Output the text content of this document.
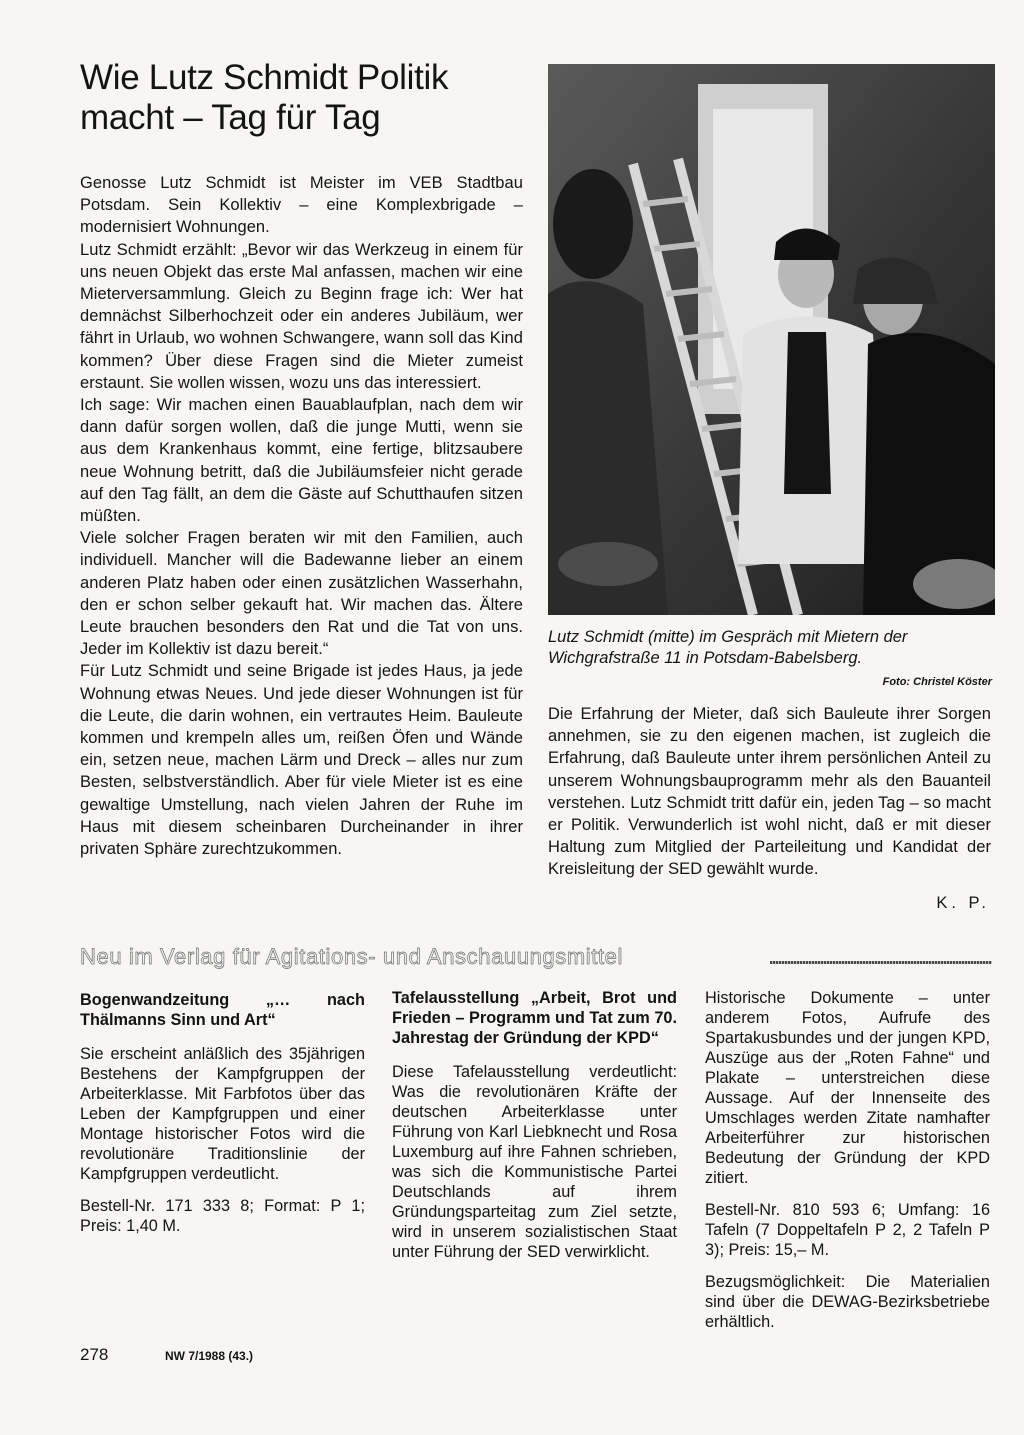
Wie Lutz Schmidt Politik macht – Tag für Tag

Genosse Lutz Schmidt ist Meister im VEB Stadtbau Potsdam. Sein Kollektiv – eine Komplexbrigade – modernisiert Wohnungen.

Lutz Schmidt erzählt: „Bevor wir das Werkzeug in einem für uns neuen Objekt das erste Mal anfassen, machen wir eine Mieterversammlung. Gleich zu Beginn frage ich: Wer hat demnächst Silberhochzeit oder ein anderes Jubiläum, wer fährt in Urlaub, wo wohnen Schwangere, wann soll das Kind kommen? Über diese Fragen sind die Mieter zumeist erstaunt. Sie wollen wissen, wozu uns das interessiert.

Ich sage: Wir machen einen Bauablaufplan, nach dem wir dann dafür sorgen wollen, daß die junge Mutti, wenn sie aus dem Krankenhaus kommt, eine fertige, blitzsaubere neue Wohnung betritt, daß die Jubiläumsfeier nicht gerade auf den Tag fällt, an dem die Gäste auf Schutthaufen sitzen müßten.

Viele solcher Fragen beraten wir mit den Familien, auch individuell. Mancher will die Badewanne lieber an einem anderen Platz haben oder einen zusätzlichen Wasserhahn, den er schon selber gekauft hat. Wir machen das. Ältere Leute brauchen besonders den Rat und die Tat von uns. Jeder im Kollektiv ist dazu bereit.“

Für Lutz Schmidt und seine Brigade ist jedes Haus, ja jede Wohnung etwas Neues. Und jede dieser Wohnungen ist für die Leute, die darin wohnen, ein vertrautes Heim. Bauleute kommen und krempeln alles um, reißen Öfen und Wände ein, setzen neue, machen Lärm und Dreck – alles nur zum Besten, selbstverständlich. Aber für viele Mieter ist es eine gewaltige Umstellung, nach vielen Jahren der Ruhe im Haus mit diesem scheinbaren Durcheinander in ihrer privaten Sphäre zurechtzukommen.

Lutz Schmidt (mitte) im Gespräch mit Mietern der Wichgrafstraße 11 in Potsdam-Babelsberg.
Foto: Christel Köster

Die Erfahrung der Mieter, daß sich Bauleute ihrer Sorgen annehmen, sie zu den eigenen machen, ist zugleich die Erfahrung, daß Bauleute unter ihrem persönlichen Anteil zu unserem Wohnungsbauprogramm mehr als den Bauanteil verstehen. Lutz Schmidt tritt dafür ein, jeden Tag – so macht er Politik. Verwunderlich ist wohl nicht, daß er mit dieser Haltung zum Mitglied der Parteileitung und Kandidat der Kreisleitung der SED gewählt wurde.

K. P.
Neu im Verlag für Agitations- und Anschauungsmittel

Bogenwandzeitung „… nach Thälmanns Sinn und Art“

Sie erscheint anläßlich des 35jährigen Bestehens der Kampfgruppen der Arbeiterklasse. Mit Farbfotos über das Leben der Kampfgruppen und einer Montage historischer Fotos wird die revolutionäre Traditionslinie der Kampfgruppen verdeutlicht.

Bestell-Nr. 171 333 8; Format: P 1; Preis: 1,40 M.

Tafelausstellung „Arbeit, Brot und Frieden – Programm und Tat zum 70. Jahrestag der Gründung der KPD“

Diese Tafelausstellung verdeutlicht: Was die revolutionären Kräfte der deutschen Arbeiterklasse unter Führung von Karl Liebknecht und Rosa Luxemburg auf ihre Fahnen schrieben, was sich die Kommunistische Partei Deutschlands auf ihrem Gründungsparteitag zum Ziel setzte, wird in unserem sozialistischen Staat unter Führung der SED verwirklicht.

Historische Dokumente – unter anderem Fotos, Aufrufe des Spartakusbundes und der jungen KPD, Auszüge aus der „Roten Fahne“ und Plakate – unterstreichen diese Aussage. Auf der Innenseite des Umschlages werden Zitate namhafter Arbeiterführer zur historischen Bedeutung der Gründung der KPD zitiert.

Bestell-Nr. 810 593 6; Umfang: 16 Tafeln (7 Doppeltafeln P 2, 2 Tafeln P 3); Preis: 15,– M.

Bezugsmöglichkeit: Die Materialien sind über die DEWAG-Bezirksbetriebe erhältlich.

278	NW 7/1988 (43.)
